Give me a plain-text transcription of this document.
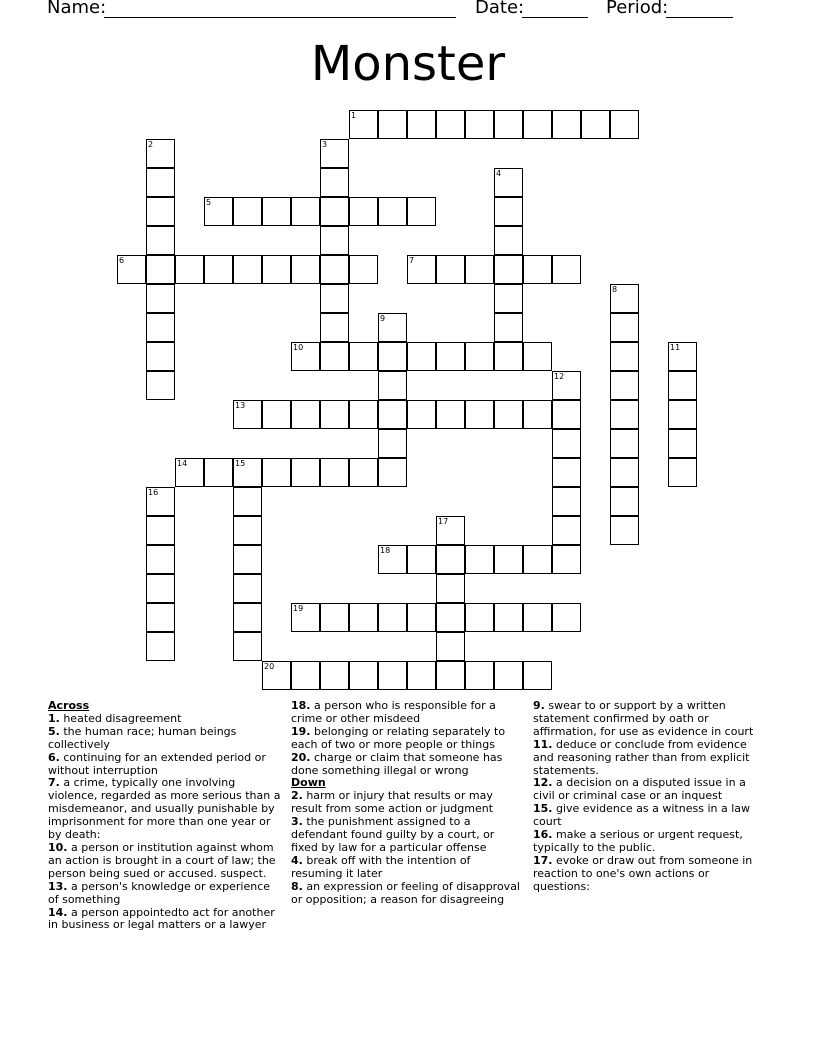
Name:	Date:	Period:
Monster
1
2	3
4
5
6	7
8
9
10	11
12
13
14	15
16
17
18
19
20
Across
1. heated disagreement
5. the human race; human beings collectively
6. continuing for an extended period or without interruption
7. a crime, typically one involving violence, regarded as more serious than a misdemeanor, and usually punishable by imprisonment for more than one year or by death:
10. a person or institution against whom an action is brought in a court of law; the person being sued or accused. suspect.
13. a person's knowledge or experience of something
14. a person appointedto act for another in business or legal matters or a lawyer
18. a person who is responsible for a crime or other misdeed
19. belonging or relating separately to each of two or more people or things
20. charge or claim that someone has done something illegal or wrong
Down
2. harm or injury that results or may result from some action or judgment
3. the punishment assigned to a defendant found guilty by a court, or fixed by law for a particular offense
4. break off with the intention of resuming it later
8. an expression or feeling of disapproval or opposition; a reason for disagreeing
9. swear to or support by a written statement confirmed by oath or affirmation, for use as evidence in court
11. deduce or conclude from evidence and reasoning rather than from explicit statements.
12. a decision on a disputed issue in a civil or criminal case or an inquest
15. give evidence as a witness in a law court
16. make a serious or urgent request, typically to the public.
17. evoke or draw out from someone in reaction to one's own actions or questions:
